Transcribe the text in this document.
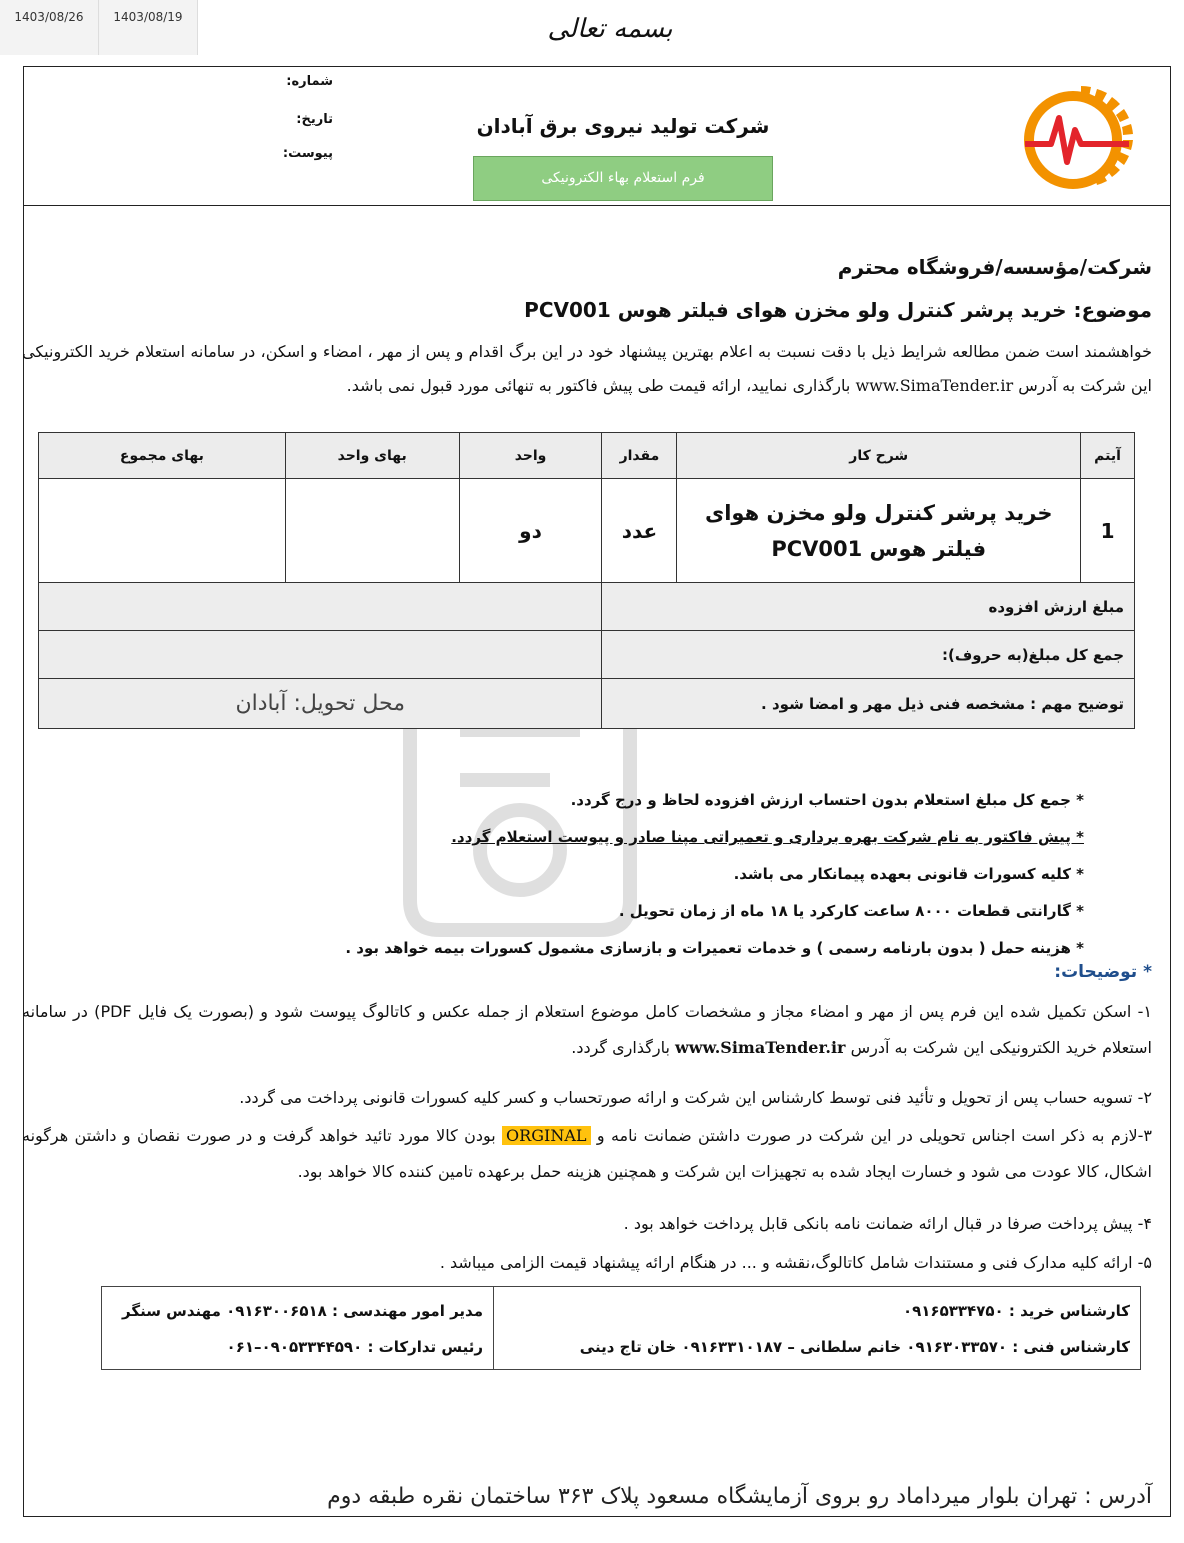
1403/08/26	1403/08/19	بسمه تعالی
شرکت تولید نیروی برق آبادان
فرم استعلام بهاء الکترونیکی
شماره:
تاریخ:
پیوست:
شرکت/مؤسسه/فروشگاه محترم
موضوع: خرید پرشر کنترل ولو مخزن هوای فیلتر هوس PCV001
خواهشمند است ضمن مطالعه شرایط ذیل با دقت نسبت به اعلام بهترین پیشنهاد خود در این برگ اقدام و پس از مهر ، امضاء و اسکن، در سامانه استعلام خرید الکترونیکی این شرکت به آدرس www.SimaTender.ir بارگذاری نمایید، ارائه قیمت طی پیش فاکتور به تنهائی مورد قبول نمی باشد.
آیتم	شرح کار	مقدار	واحد	بهای واحد	بهای مجموع
1	خرید پرشر کنترل ولو مخزن هوای فیلتر هوس PCV001	عدد	دو		
مبلغ ارزش افزوده					
جمع کل مبلغ(به حروف):					
توضیح مهم : مشخصه فنی ذیل مهر و امضا شود .			محل تحویل: آبادان		
* جمع کل مبلغ استعلام بدون احتساب ارزش افزوده لحاظ و درج گردد.
* پیش فاکتور به نام شرکت بهره برداری و تعمیراتی مپنا صادر و پیوست استعلام گردد.
* کلیه کسورات قانونی بعهده پیمانکار می باشد.
* گارانتی قطعات ۸۰۰۰ ساعت کارکرد یا ۱۸ ماه از زمان تحویل .
* هزینه حمل ( بدون بارنامه رسمی ) و خدمات تعمیرات و بازسازی مشمول کسورات بیمه خواهد بود .
* توضیحات:
۱- اسکن تکمیل شده این فرم پس از مهر و امضاء مجاز و مشخصات کامل موضوع استعلام از جمله عکس و کاتالوگ پیوست شود و (بصورت یک فایل PDF) در سامانه استعلام خرید الکترونیکی این شرکت به آدرس www.SimaTender.ir بارگذاری گردد.
۲- تسویه حساب پس از تحویل و تأئید فنی توسط کارشناس این شرکت و ارائه صورتحساب و کسر کلیه کسورات قانونی پرداخت می گردد.
۳-لازم به ذکر است اجناس تحویلی در این شرکت در صورت داشتن ضمانت نامه و ORGINAL بودن کالا مورد تائید خواهد گرفت و در صورت نقصان و داشتن هرگونه اشکال، کالا عودت می شود و خسارت ایجاد شده به تجهیزات این شرکت و همچنین هزینه حمل برعهده تامین کننده کالا خواهد بود.
۴- پیش پرداخت صرفا در قبال ارائه ضمانت نامه بانکی قابل پرداخت خواهد بود .
۵- ارائه کلیه مدارک فنی و مستندات شامل کاتالوگ،نقشه و ... در هنگام ارائه پیشنهاد قیمت الزامی میباشد .
کارشناس خرید : ۰۹۱۶۵۳۳۴۷۵۰
کارشناس فنی : ۰۹۱۶۳۰۳۳۵۷۰ خانم سلطانی – ۰۹۱۶۳۳۱۰۱۸۷ خان تاج دینی
مدیر امور مهندسی : ۰۹۱۶۳۰۰۶۵۱۸ مهندس سنگر
رئیس تدارکات : ۰۹۰۵۳۳۴۴۵۹۰–۰۶۱
آدرس : تهران بلوار میرداماد رو بروی آزمایشگاه مسعود پلاک ۳۶۳ ساختمان نقره طبقه دوم
